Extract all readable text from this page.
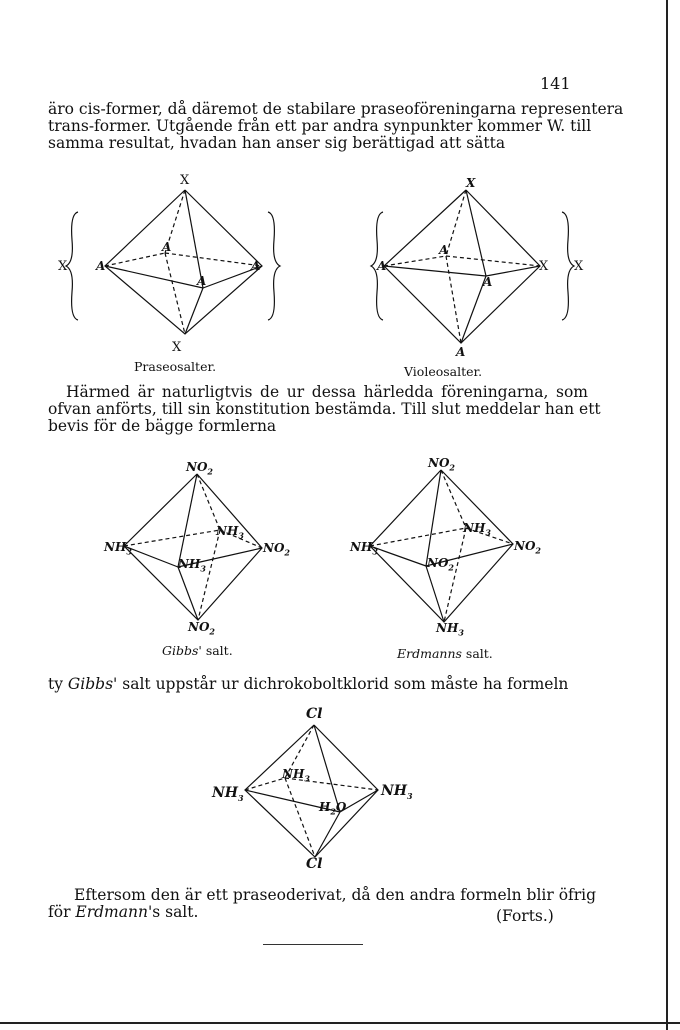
141
äro cis-former, då däremot de stabilare praseoföreningarna representera
trans-former. Utgående från ett par andra synpunkter kommer W. till
samma resultat, hvadan han anser sig berättigad att sätta
X
X A
A
A
A
X
X
A
A
A
X X
A
Praseosalter.	Violeosalter.
Härmed är naturligtvis de ur dessa härledda föreningarna, som
ofvan anförts, till sin konstitution bestämda. Till slut meddelar han ett
bevis för de bägge formlerna
$NO_2$
$NH_3$
$NH_3$
$NH_3$
$NO_2$
$NO_2$
$NO_2$
$NH_3$
$NH_3$
$NO_2$
$NO_2$
$NH_3$
Gibbs' salt.	Erdmanns salt.
ty Gibbs' salt uppstår ur dichrokoboltklorid som måste ha formeln
Cl
$NH_3$
$NH_3$
$H_2O$
$NH_3$
Cl
Eftersom den är ett praseoderivat, då den andra formeln blir öfrig
för Erdmann's salt.	(Forts.)
